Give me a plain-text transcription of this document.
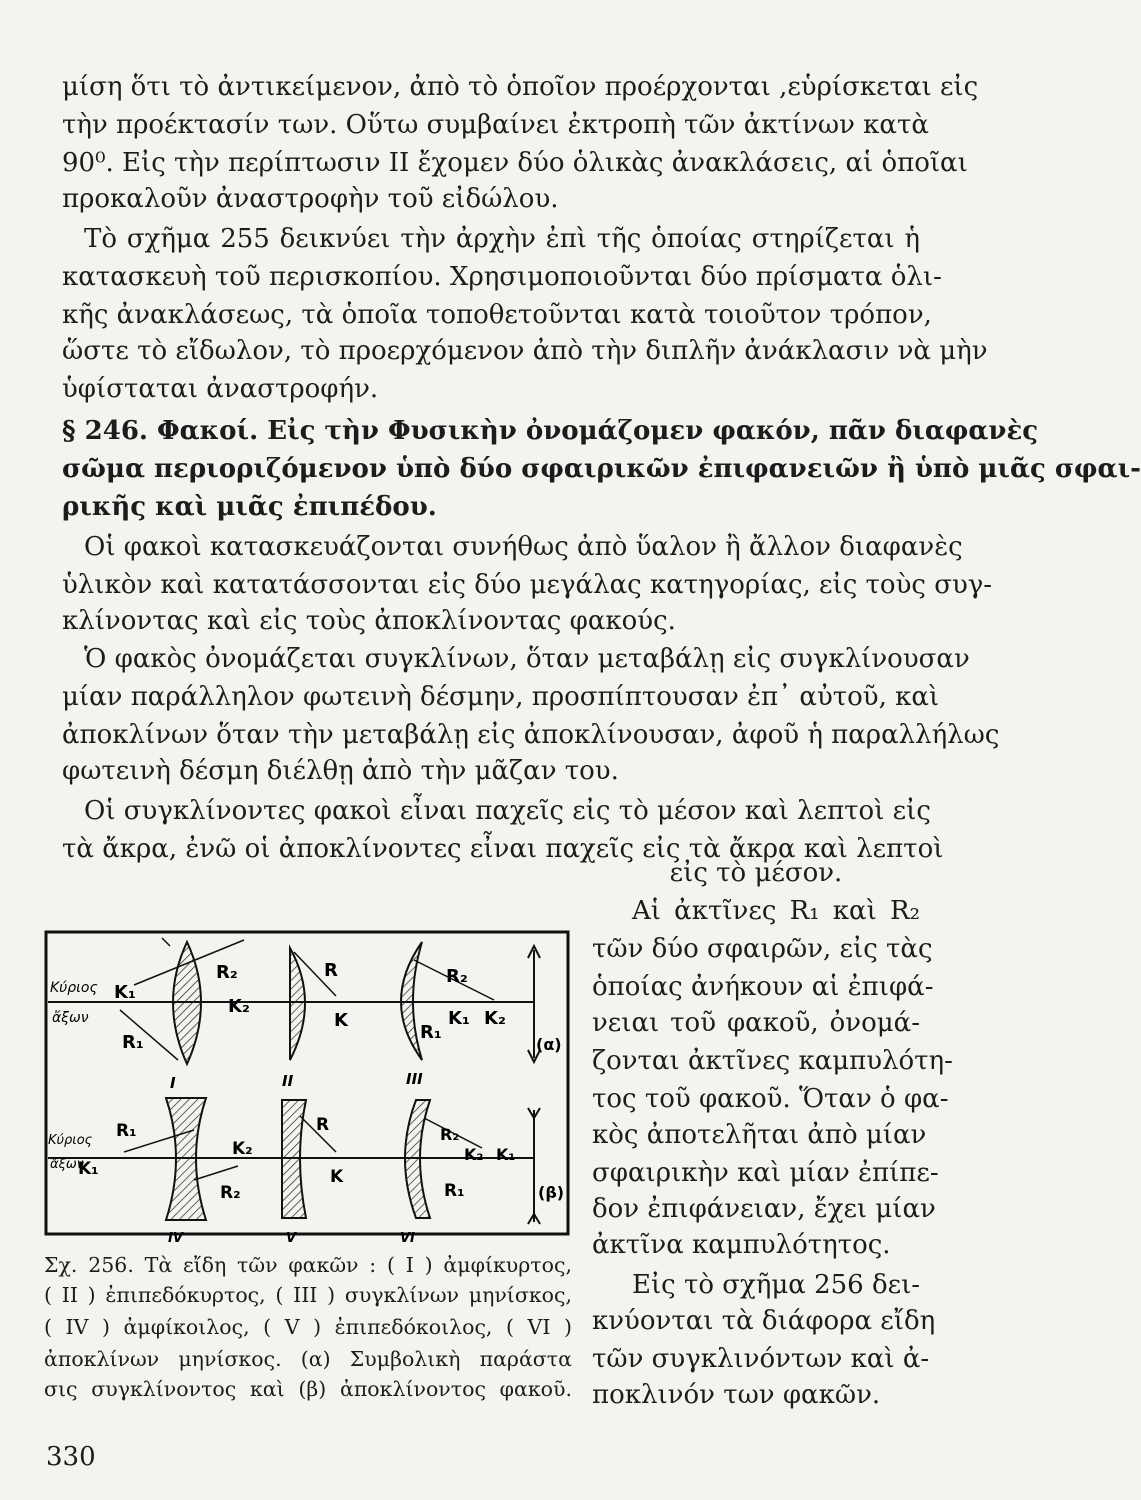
μίση ὅτι τὸ ἀντικείμενον, ἀπὸ τὸ ὁποῖον προέρχονται ,εὑρίσκεται εἰς
τὴν προέκτασίν των. Οὕτω συμβαίνει ἐκτροπὴ τῶν ἀκτίνων κατὰ
90⁰. Εἰς τὴν περίπτωσιν ΙΙ ἔχομεν δύο ὁλικὰς ἀνακλάσεις, αἱ ὁποῖαι
προκαλοῦν ἀναστροφὴν τοῦ εἰδώλου.
Τὸ σχῆμα 255 δεικνύει τὴν ἀρχὴν ἐπὶ τῆς ὁποίας στηρίζεται ἡ
κατασκευὴ τοῦ περισκοπίου. Χρησιμοποιοῦνται δύο πρίσματα ὁλι-
κῆς ἀνακλάσεως, τὰ ὁποῖα τοποθετοῦνται κατὰ τοιοῦτον τρόπον,
ὥστε τὸ εἴδωλον, τὸ προερχόμενον ἀπὸ τὴν διπλῆν ἀνάκλασιν νὰ μὴν
ὑφίσταται ἀναστροφήν.
§ 246. Φακοί. Εἰς τὴν Φυσικὴν ὀνομάζομεν φακόν, πᾶν διαφανὲς
σῶμα περιοριζόμενον ὑπὸ δύο σφαιρικῶν ἐπιφανειῶν ἢ ὑπὸ μιᾶς σφαι-
ρικῆς καὶ μιᾶς ἐπιπέδου.
Οἱ φακοὶ κατασκευάζονται συνήθως ἀπὸ ὕαλον ἢ ἄλλον διαφανὲς
ὑλικὸν καὶ κατατάσσονται εἰς δύο μεγάλας κατηγορίας, εἰς τοὺς συγ-
κλίνοντας καὶ εἰς τοὺς ἀποκλίνοντας φακούς.
Ὁ φακὸς ὀνομάζεται συγκλίνων, ὅταν μεταβάλῃ εἰς συγκλίνουσαν
μίαν παράλληλον φωτεινὴ δέσμην, προσπίπτουσαν ἐπ᾽ αὐτοῦ, καὶ
ἀποκλίνων ὅταν τὴν μεταβάλῃ εἰς ἀποκλίνουσαν, ἀφοῦ ἡ παραλλήλως
φωτεινὴ δέσμη διέλθῃ ἀπὸ τὴν μᾶζαν του.
Οἱ συγκλίνοντες φακοὶ εἶναι παχεῖς εἰς τὸ μέσον καὶ λεπτοὶ εἰς
τὰ ἄκρα, ἐνῶ οἱ ἀποκλίνοντες εἶναι παχεῖς εἰς τὰ ἄκρα καὶ λεπτοὶ
εἰς τὸ μέσον.
Αἱ ἀκτῖνες R₁ καὶ R₂
τῶν δύο σφαιρῶν, εἰς τὰς
ὁποίας ἀνήκουν αἱ ἐπιφά-
νειαι τοῦ φακοῦ, ὀνομά-
ζονται ἀκτῖνες καμπυλότη-
τος τοῦ φακοῦ. Ὅταν ὁ φα-
κὸς ἀποτελῆται ἀπὸ μίαν
σφαιρικὴν καὶ μίαν ἐπίπε-
δον ἐπιφάνειαν, ἔχει μίαν
ἀκτῖνα καμπυλότητος.
Εἰς τὸ σχῆμα 256 δει-
κνύονται τὰ διάφορα εἴδη
τῶν συγκλινόντων καὶ ἀ-
ποκλινόν των φακῶν.
Κύριος
ἄξων
Κύριος
ἄξων
K₁
K₂
R₂
R₁
I
R
K
II
R₂
R₁
K₁ K₂
III
(α)
R₁
K₁
K₂
R₂
IV
R
K
V
R₂
K₂ K₁
R₁
VI
(β)
Σχ. 256. Τὰ εἴδη τῶν φακῶν : ( Ι ) ἀμφίκυρτος,
( ΙΙ ) ἐπιπεδόκυρτος, ( ΙΙΙ ) συγκλίνων μηνίσκος,
( ΙV ) ἀμφίκοιλος, ( V ) ἐπιπεδόκοιλος, ( VΙ )
ἀποκλίνων μηνίσκος. (α) Συμβολικὴ παράστα
σις συγκλίνοντος καὶ (β) ἀποκλίνοντος φακοῦ.
330
